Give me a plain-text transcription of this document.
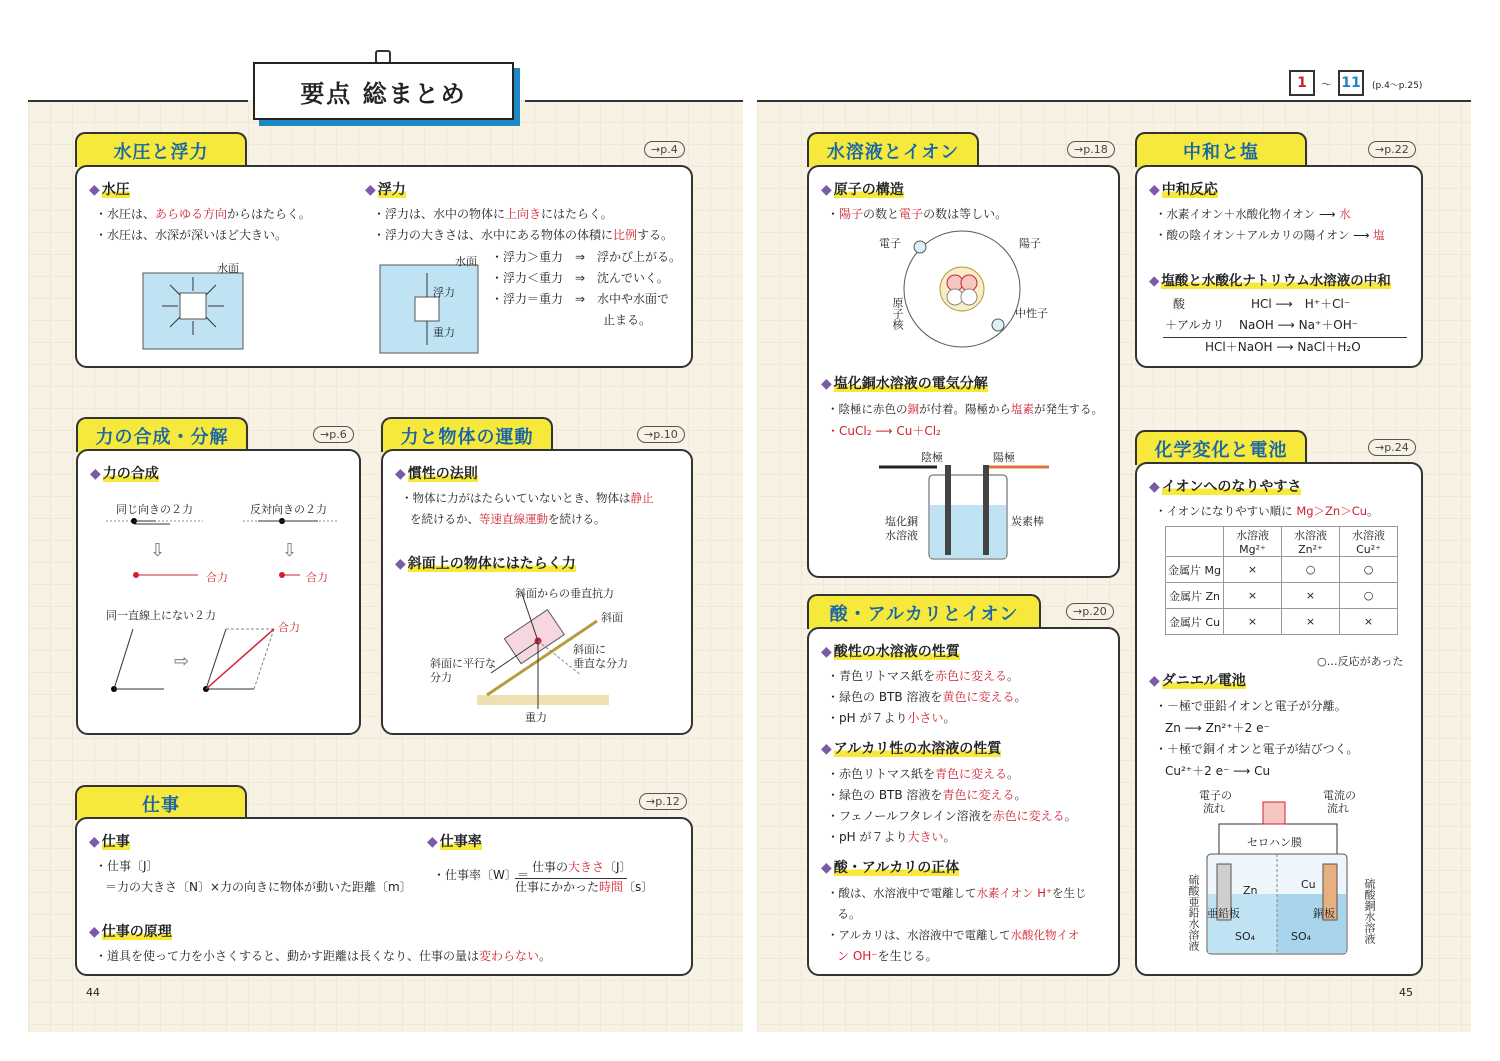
要点 総まとめ	1	〜 11	(p.4〜p.25)
水圧と浮力	→p.4
◆ 水圧
・水圧は、あらゆる方向からはたらく。
・水圧は、水深が深いほど大きい。
水面
◆ 浮力
・浮力は、水中の物体に上向きにはたらく。
・浮力の大きさは、水中にある物体の体積に比例する。
水面
浮力
重力
・浮力＞重力　⇒　浮かび上がる。
・浮力＜重力　⇒　沈んでいく。
・浮力＝重力　⇒　水中や水面で
止まる。
力の合成・分解	→p.6
◆ 力の合成
同じ向きの２力	反対向きの２力
⇩	⇩
⇨
合力	合力
同一直線上にない２力
合力
力と物体の運動	→p.10
◆ 慣性の法則
・物体に力がはたらいていないとき、物体は静止
を続けるか、等速直線運動を続ける。
◆ 斜面上の物体にはたらく力
斜面からの垂直抗力
斜面
斜面に
垂直な分力
斜面に平行な
分力
重力
仕事	→p.12
◆ 仕事
・仕事〔J〕
＝力の大きさ〔N〕×力の向きに物体が動いた距離〔m〕
◆ 仕事率
・仕事率〔W〕＝
仕事の大きさ〔J〕
仕事にかかった時間〔s〕
◆ 仕事の原理
・道具を使って力を小さくすると、動かす距離は長くなり、仕事の量は変わらない。
44
水溶液とイオン	→p.18
◆ 原子の構造
・陽子の数と電子の数は等しい。
電子	陽子
原子核	中性子
◆ 塩化銅水溶液の電気分解
・陰極に赤色の銅が付着。陽極から塩素が発生する。
・CuCl₂ ⟶ Cu＋Cl₂
陰極	陽極
塩化銅
水溶液
炭素棒
中和と塩	→p.22
◆ 中和反応
・水素イオン＋水酸化物イオン ⟶ 水
・酸の陰イオン＋アルカリの陽イオン ⟶ 塩
◆ 塩酸と水酸化ナトリウム水溶液の中和
酸	HCl ⟶　H⁺＋Cl⁻
＋アルカリ NaOH ⟶ Na⁺＋OH⁻
HCl＋NaOH ⟶ NaCl＋H₂O
化学変化と電池	→p.24
◆ イオンへのなりやすさ
・イオンになりやすい順に Mg＞Zn＞Cu。
	水溶液 Mg²⁺	水溶液 Zn²⁺	水溶液 Cu²⁺
金属片 Mg	×	○	○
金属片 Zn	×	×	○
金属片 Cu	×	×	×
○…反応があった
◆ ダニエル電池
・－極で亜鉛イオンと電子が分離。
Zn ⟶ Zn²⁺＋2 e⁻
・＋極で銅イオンと電子が結びつく。
Cu²⁺＋2 e⁻ ⟶ Cu
電子の
流れ
電流の
流れ
セロハン膜
Zn	Cu
SO₄	SO₄
亜鉛板	銅板
硫酸亜鉛水溶液	硫酸銅水溶液
酸・アルカリとイオン	→p.20
◆ 酸性の水溶液の性質
・青色リトマス紙を赤色に変える。
・緑色の BTB 溶液を黄色に変える。
・pH が７より小さい。
◆ アルカリ性の水溶液の性質
・赤色リトマス紙を青色に変える。
・緑色の BTB 溶液を青色に変える。
・フェノールフタレイン溶液を赤色に変える。
・pH が７より大きい。
◆ 酸・アルカリの正体
・酸は、水溶液中で電離して水素イオン H⁺を生じ
る。
・アルカリは、水溶液中で電離して水酸化物イオ
ン OH⁻を生じる。
45
